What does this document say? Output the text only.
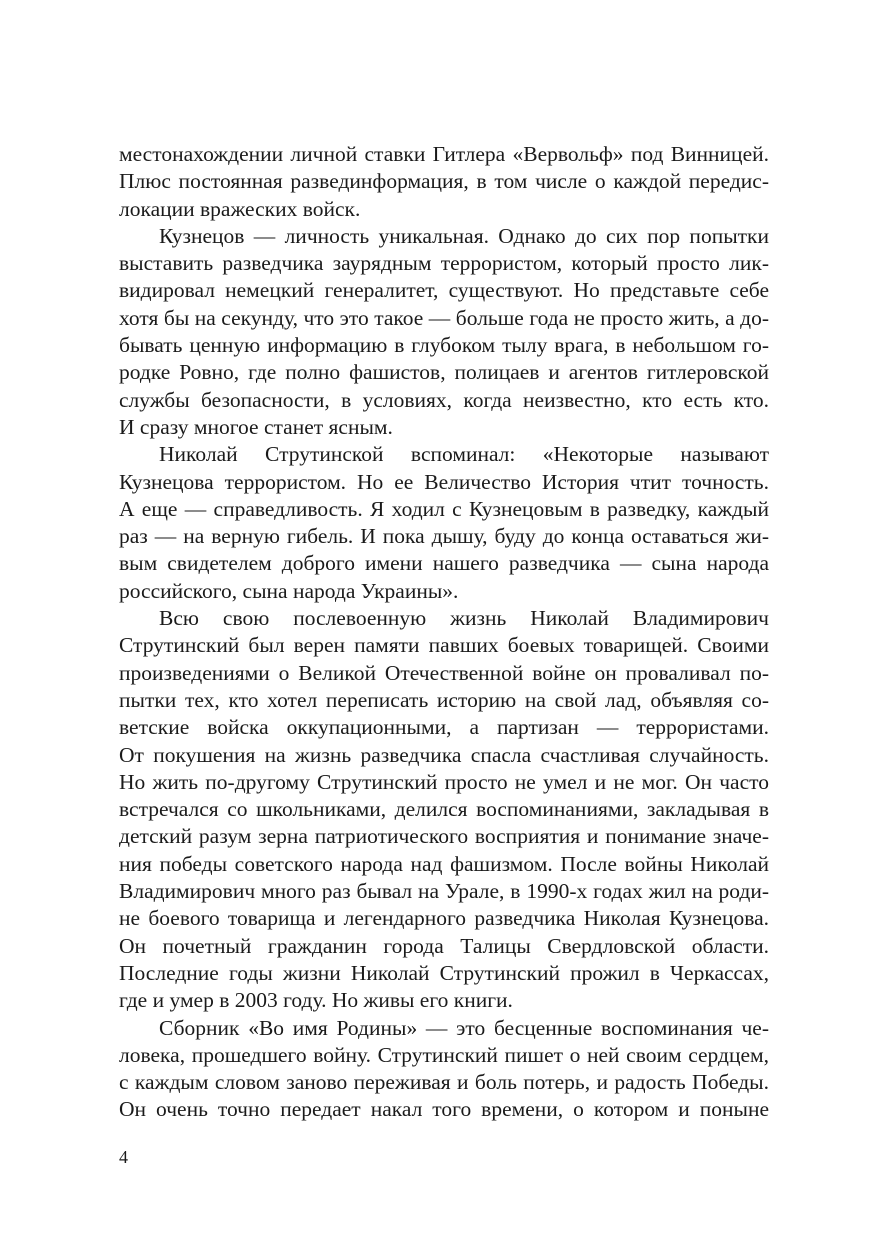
местонахождении личной ставки Гитлера «Вервольф» под Винницей.
Плюс постоянная развединформация, в том числе о каждой передис-
локации вражеских войск.

Кузнецов — личность уникальная. Однако до сих пор попытки
выставить разведчика заурядным террористом, который просто лик-
видировал немецкий генералитет, существуют. Но представьте себе
хотя бы на секунду, что это такое — больше года не просто жить, а до-
бывать ценную информацию в глубоком тылу врага, в небольшом го-
родке Ровно, где полно фашистов, полицаев и агентов гитлеровской
службы безопасности, в условиях, когда неизвестно, кто есть кто.
И сразу многое станет ясным.

Николай Струтинской вспоминал: «Некоторые называют
Кузнецова террористом. Но ее Величество История чтит точность.
А еще — справедливость. Я ходил с Кузнецовым в разведку, каждый
раз — на верную гибель. И пока дышу, буду до конца оставаться жи-
вым свидетелем доброго имени нашего разведчика — сына народа
российского, сына народа Украины».

Всю свою послевоенную жизнь Николай Владимирович
Струтинский был верен памяти павших боевых товарищей. Своими
произведениями о Великой Отечественной войне он проваливал по-
пытки тех, кто хотел переписать историю на свой лад, объявляя со-
ветские войска оккупационными, а партизан — террористами.
От покушения на жизнь разведчика спасла счастливая случайность.
Но жить по-другому Струтинский просто не умел и не мог. Он часто
встречался со школьниками, делился воспоминаниями, закладывая в
детский разум зерна патриотического восприятия и понимание значе-
ния победы советского народа над фашизмом. После войны Николай
Владимирович много раз бывал на Урале, в 1990-х годах жил на роди-
не боевого товарища и легендарного разведчика Николая Кузнецова.
Он почетный гражданин города Талицы Свердловской области.
Последние годы жизни Николай Струтинский прожил в Черкассах,
где и умер в 2003 году. Но живы его книги.

Сборник «Во имя Родины» — это бесценные воспоминания че-
ловека, прошедшего войну. Струтинский пишет о ней своим сердцем,
с каждым словом заново переживая и боль потерь, и радость Победы.
Он очень точно передает накал того времени, о котором и поныне

4
